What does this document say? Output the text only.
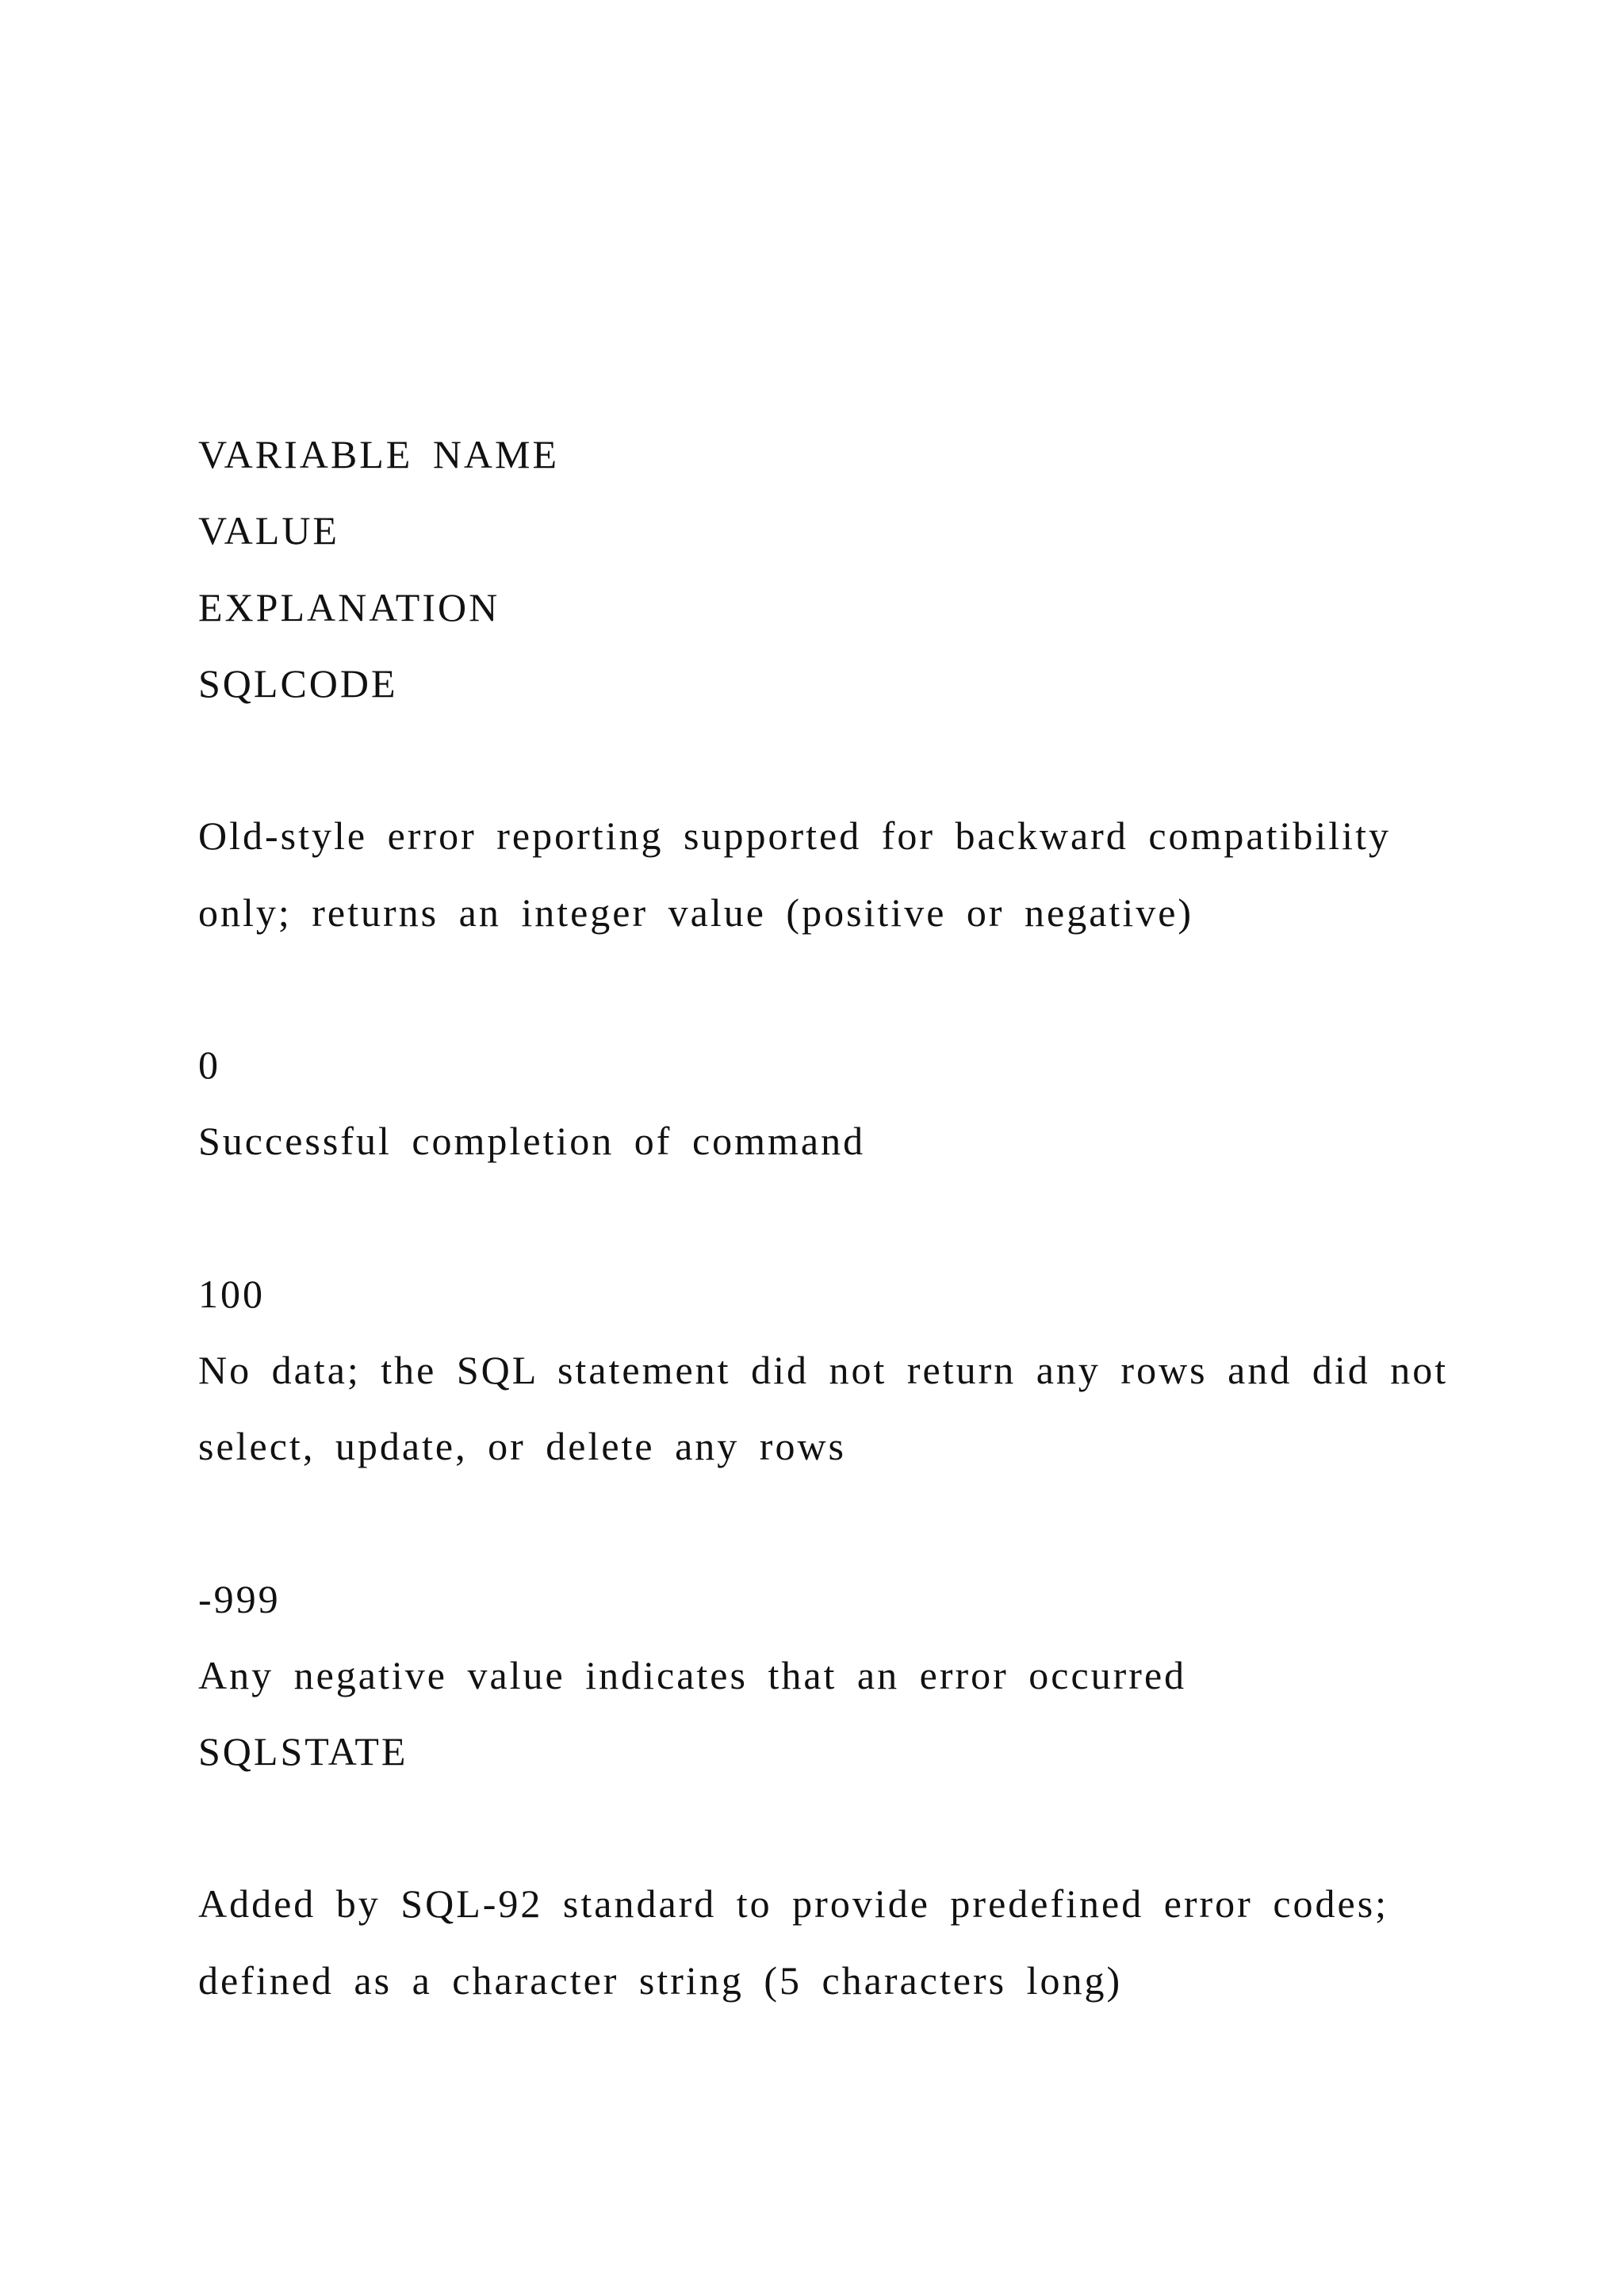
VARIABLE NAME
VALUE
EXPLANATION
SQLCODE
Old-style error reporting supported for backward compatibility
only; returns an integer value (positive or negative)
0
Successful completion of command
100
No data; the SQL statement did not return any rows and did not
select, update, or delete any rows
-999
Any negative value indicates that an error occurred
SQLSTATE
Added by SQL-92 standard to provide predefined error codes;
defined as a character string (5 characters long)
